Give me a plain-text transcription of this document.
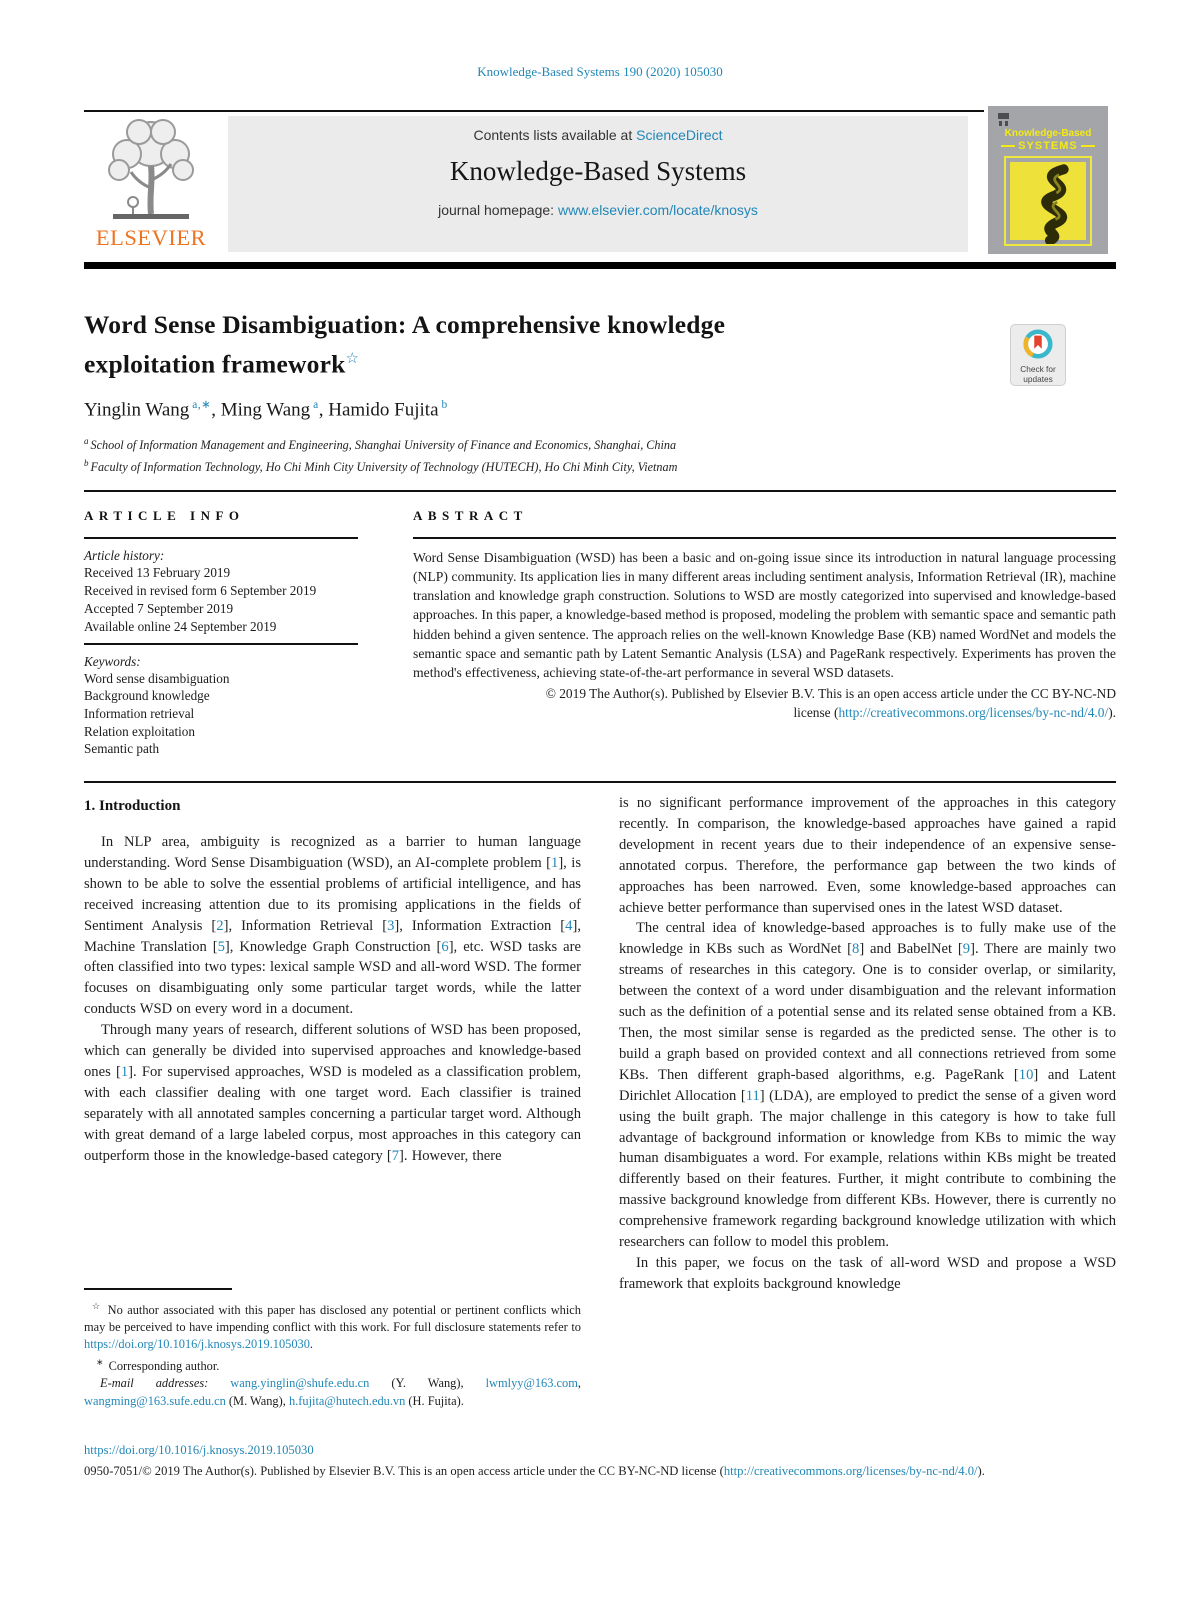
Knowledge-Based Systems 190 (2020) 105030
ELSEVIER
Contents lists available at ScienceDirect
Knowledge-Based Systems
journal homepage: www.elsevier.com/locate/knosys
Knowledge-Based
SYSTEMS
Word Sense Disambiguation: A comprehensive knowledge
exploitation framework☆
Check for
updates
Yinglin Wang $^{a,∗}$, Ming Wang $^a$, Hamido Fujita $^b$
$^a$ School of Information Management and Engineering, Shanghai University of Finance and Economics, Shanghai, China
$^b$ Faculty of Information Technology, Ho Chi Minh City University of Technology (HUTECH), Ho Chi Minh City, Vietnam
ARTICLE INFO
Article history:
Received 13 February 2019
Received in revised form 6 September 2019
Accepted 7 September 2019
Available online 24 September 2019
Keywords:
Word sense disambiguation
Background knowledge
Information retrieval
Relation exploitation
Semantic path
ABSTRACT
Word Sense Disambiguation (WSD) has been a basic and on-going issue since its introduction in natural language processing (NLP) community. Its application lies in many different areas including sentiment analysis, Information Retrieval (IR), machine translation and knowledge graph construction. Solutions to WSD are mostly categorized into supervised and knowledge-based approaches. In this paper, a knowledge-based method is proposed, modeling the problem with semantic space and semantic path hidden behind a given sentence. The approach relies on the well-known Knowledge Base (KB) named WordNet and models the semantic space and semantic path by Latent Semantic Analysis (LSA) and PageRank respectively. Experiments has proven the method's effectiveness, achieving state-of-the-art performance in several WSD datasets.
© 2019 The Author(s). Published by Elsevier B.V. This is an open access article under the CC BY-NC-ND
license (http://creativecommons.org/licenses/by-nc-nd/4.0/).
1. Introduction

In NLP area, ambiguity is recognized as a barrier to human language understanding. Word Sense Disambiguation (WSD), an AI-complete problem [1], is shown to be able to solve the essential problems of artificial intelligence, and has received increasing attention due to its promising applications in the fields of Sentiment Analysis [2], Information Retrieval [3], Information Extraction [4], Machine Translation [5], Knowledge Graph Construction [6], etc. WSD tasks are often classified into two types: lexical sample WSD and all-word WSD. The former focuses on disambiguating only some particular target words, while the latter conducts WSD on every word in a document.

Through many years of research, different solutions of WSD has been proposed, which can generally be divided into supervised approaches and knowledge-based ones [1]. For supervised approaches, WSD is modeled as a classification problem, with each classifier dealing with one target word. Each classifier is trained separately with all annotated samples concerning a particular target word. Although with great demand of a large labeled corpus, most approaches in this category can outperform those in the knowledge-based category [7]. However, there

is no significant performance improvement of the approaches in this category recently. In comparison, the knowledge-based approaches have gained a rapid development in recent years due to their independence of an expensive sense-annotated corpus. Therefore, the performance gap between the two kinds of approaches has been narrowed. Even, some knowledge-based approaches can achieve better performance than supervised ones in the latest WSD dataset.

The central idea of knowledge-based approaches is to fully make use of the knowledge in KBs such as WordNet [8] and BabelNet [9]. There are mainly two streams of researches in this category. One is to consider overlap, or similarity, between the context of a word under disambiguation and the relevant information such as the definition of a potential sense and its related sense obtained from a KB. Then, the most similar sense is regarded as the predicted sense. The other is to build a graph based on provided context and all connections retrieved from some KBs. Then different graph-based algorithms, e.g. PageRank [10] and Latent Dirichlet Allocation [11] (LDA), are employed to predict the sense of a given word using the built graph. The major challenge in this category is how to take full advantage of background information or knowledge from KBs to mimic the way human disambiguates a word. For example, relations within KBs might be treated differently based on their features. Further, it might contribute to combining the massive background knowledge from different KBs. However, there is currently no comprehensive framework regarding background knowledge utilization with which researchers can follow to model this problem.

In this paper, we focus on the task of all-word WSD and propose a WSD framework that exploits background knowledge

☆ No author associated with this paper has disclosed any potential or pertinent conflicts which may be perceived to have impending conflict with this work. For full disclosure statements refer to https://doi.org/10.1016/j.knosys.2019.105030.

∗ Corresponding author.

E-mail addresses: wang.yinglin@shufe.edu.cn (Y. Wang), lwmlyy@163.com, wangming@163.sufe.edu.cn (M. Wang), h.fujita@hutech.edu.vn (H. Fujita).

https://doi.org/10.1016/j.knosys.2019.105030

0950-7051/© 2019 The Author(s). Published by Elsevier B.V. This is an open access article under the CC BY-NC-ND license (http://creativecommons.org/licenses/by-nc-nd/4.0/).
